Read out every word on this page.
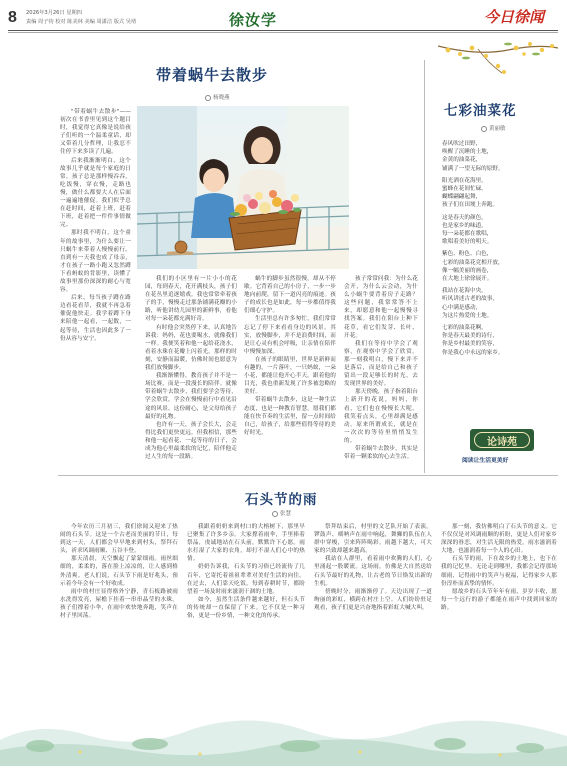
8 2026年3月26日 星期四
责编 周子钧 校对 陈美林 美编 周潇洁 版式 吴靖	徐汝学	今日徐闻
带着蜗牛去散步
杨晓燕

"带着蜗牛去散步"——初次在书香里见到这个题目时，我觉得它真像是说给孩子们听的一个温柔童话，却又带着几分哲理，让我忍不住停下来多读了几遍。

后来我渐渐明白，这个故事几乎就是每个家庭的日常。孩子总是那样慢吞吞，吃饭慢，穿衣慢，走路也慢，做什么都要大人在后面一遍遍地催促。我们似乎总在赶时间，赶着上班，赶着下班，赶着把一件件事情做完。

那时我不明白，这个童年的故事里，为什么要让一只蜗牛来带着人慢慢前行。直到有一天我也成了母亲，才在孩子一路小跑又忽然蹲下看蚂蚁的背影里，读懂了故事里那份深深的耐心与宽容。

后来，每当孩子蹲在路边看花看草，我就不再急着催促他快走。我学着蹲下身来陪他一起看，一起数，一起等待，生活也因此多了一份从容与安宁。

我们的小区里有一片小小的花园，每到春天，花开满枝头，孩子们在花丛里追逐嬉戏。我也常常牵着孩子的手，慢慢走过那条铺满花瓣的小路，听他讲幼儿园里的新鲜事，看他对每一朵花都充满好奇。

有时他会突然停下来，认真地告诉我：妈妈，花也要喝水，就像我们一样。我便笑着和他一起给花浇水，看着水珠在花瓣上闪着光。那样的时刻，安静而温暖，仿佛时间也愿意为我们放慢脚步。

我渐渐懂得，教育孩子并不是一场比赛，而是一段漫长的陪伴。就像带着蜗牛去散步，我们要学会等待，学会欣赏，学会在慢慢前行中看见沿途的风景。这份耐心，是父母给孩子最好的礼物。

也许有一天，孩子会长大，会走得比我们更快更远。但我相信，那些和他一起看花、一起等待的日子，会成为他心里最柔软的记忆，陪伴他走过人生的每一段路。

蜗牛的脚步虽然很慢，却从不停歇。它背着自己的小房子，一步一步地向前爬，留下一道闪亮的痕迹。孩子的成长也是如此，每一步都值得我们细心守护。

生活里总有许多匆忙，我们常常忘记了停下来看看身边的风景。其实，放慢脚步，并不是浪费时间，而是让心灵有机会呼吸，让亲情在陪伴中慢慢加深。

在孩子的眼睛里，世界是新鲜而有趣的。一片落叶，一只蚂蚁，一朵小花，都能让他开心半天。跟着他的目光，我也重新发现了许多被忽略的美好。

带着蜗牛去散步，这是一种生活态度，也是一种教育智慧。愿我们都能在快节奏的生活里，留一点时间给自己，给孩子，给那些值得等待的美好时光。

孩子常常问我：为什么花会开，为什么云会动，为什么小蜗牛要背着房子走路？这些问题，我常常答不上来，却愿意和他一起慢慢寻找答案。我们在阳台上种下花草，看它们发芽、长叶、开花。

我们在等待中学会了观察，在观察中学会了欣赏。那一刻我明白，慢下来并不是落后，而是给自己和孩子留出一段足够长的时光，去发现世界的美好。

那天傍晚，孩子指着阳台上新开的花说，妈妈，你看，它们也在慢慢长大呢。我笑着点头，心里却满是感动。原来所谓成长，就是在一次次的等待里悄悄发生的。

带着蜗牛去散步，其实是带着一颗柔软的心去生活。

七彩油菜花
黄丽敏

春风吹过田野，

唤醒了沉睡的土地，

金黄的油菜花，

铺满了一望无际的原野。

阳光洒在花海里，

蜜蜂在花间忙碌，

蝴蝶翩翩起舞，

孩子们在田埂上奔跑。

这是春天的颜色，

也是家乡的味道，

每一朵花都在歌唱，

歌唱着美好的明天。

紫色、粉色、白色，

七彩的油菜花竞相开放，

像一幅美丽的画卷，

在大地上徐徐展开。

我站在花海中央，

听风讲述古老的故事，

心中满是感动，

为这片热爱的土地。

七彩的油菜花啊，

你是春天最美的诗行，

你是乡村最美的笑容，

你是我心中永远的家乡。

论诗苑
阅读让生活更美好
石头节的雨
张慧

今年农历三月初三，我们徐闻又迎来了热闹的石头节。这是一个古老而美丽的节日，每到这一天，人们都会早早地来到村头，祭拜石头，祈求风调雨顺、五谷丰登。

那天清晨，天空飘起了蒙蒙细雨。雨丝细细的，柔柔的，落在脸上凉凉的，让人感到格外清爽。老人们说，石头节下雨是好兆头，预示着今年会有一个好收成。

雨中的村庄显得格外宁静，青石板路被雨水洗得发亮，屋檐下挂着一串串晶莹的水珠。孩子们撑着小伞，在雨中欢快地奔跑，笑声在村子里回荡。

我跟着奶奶来到村口的大榕树下，那里早已聚集了许多乡亲。大家撑着雨伞，手里捧着祭品，虔诚地站在石头前，默默许下心愿。雨水打湿了大家的衣角，却打不湿人们心中的热情。

奶奶告诉我，石头节的习俗已经流传了几百年，它寄托着祖祖辈辈对美好生活的向往。在过去，人们靠天吃饭，每到春耕时节，都盼望着一场及时雨来滋润干涸的土地。

如今，虽然生活条件越来越好，但石头节的传统却一直保留了下来。它不仅是一种习俗，更是一份乡情，一种文化的传承。

祭拜结束后，村里的文艺队开始了表演。锣鼓声、唢呐声在雨中响起，舞狮的队伍在人群中穿梭，引来阵阵喝彩。雨越下越大，可大家的兴致却越来越高。

我站在人群里，看着雨中欢腾的人们，心里涌起一股暖流。这场雨，仿佛是大自然送给石头节最好的礼物，让古老的节日焕发出新的生机。

傍晚时分，雨渐渐停了。天边出现了一道绚丽的彩虹，横跨在村庄上空。人们纷纷驻足观看，孩子们更是兴奋地指着彩虹大喊大叫。

那一刻，我仿佛明白了石头节的意义。它不仅仅是对风调雨顺的祈盼，更是人们对家乡深深的眷恋，对生活无限的热爱。雨水滋润着大地，也滋润着每一个人的心田。

石头节的雨，下在故乡的土地上，也下在我的记忆里。无论走到哪里，我都会记得那场细雨，记得雨中的笑声与祝福，记得家乡人那份淳朴而真挚的情怀。

愿故乡的石头节年年有雨，岁岁丰收，愿每一个远行的游子都能在雨声中找到回家的路。
